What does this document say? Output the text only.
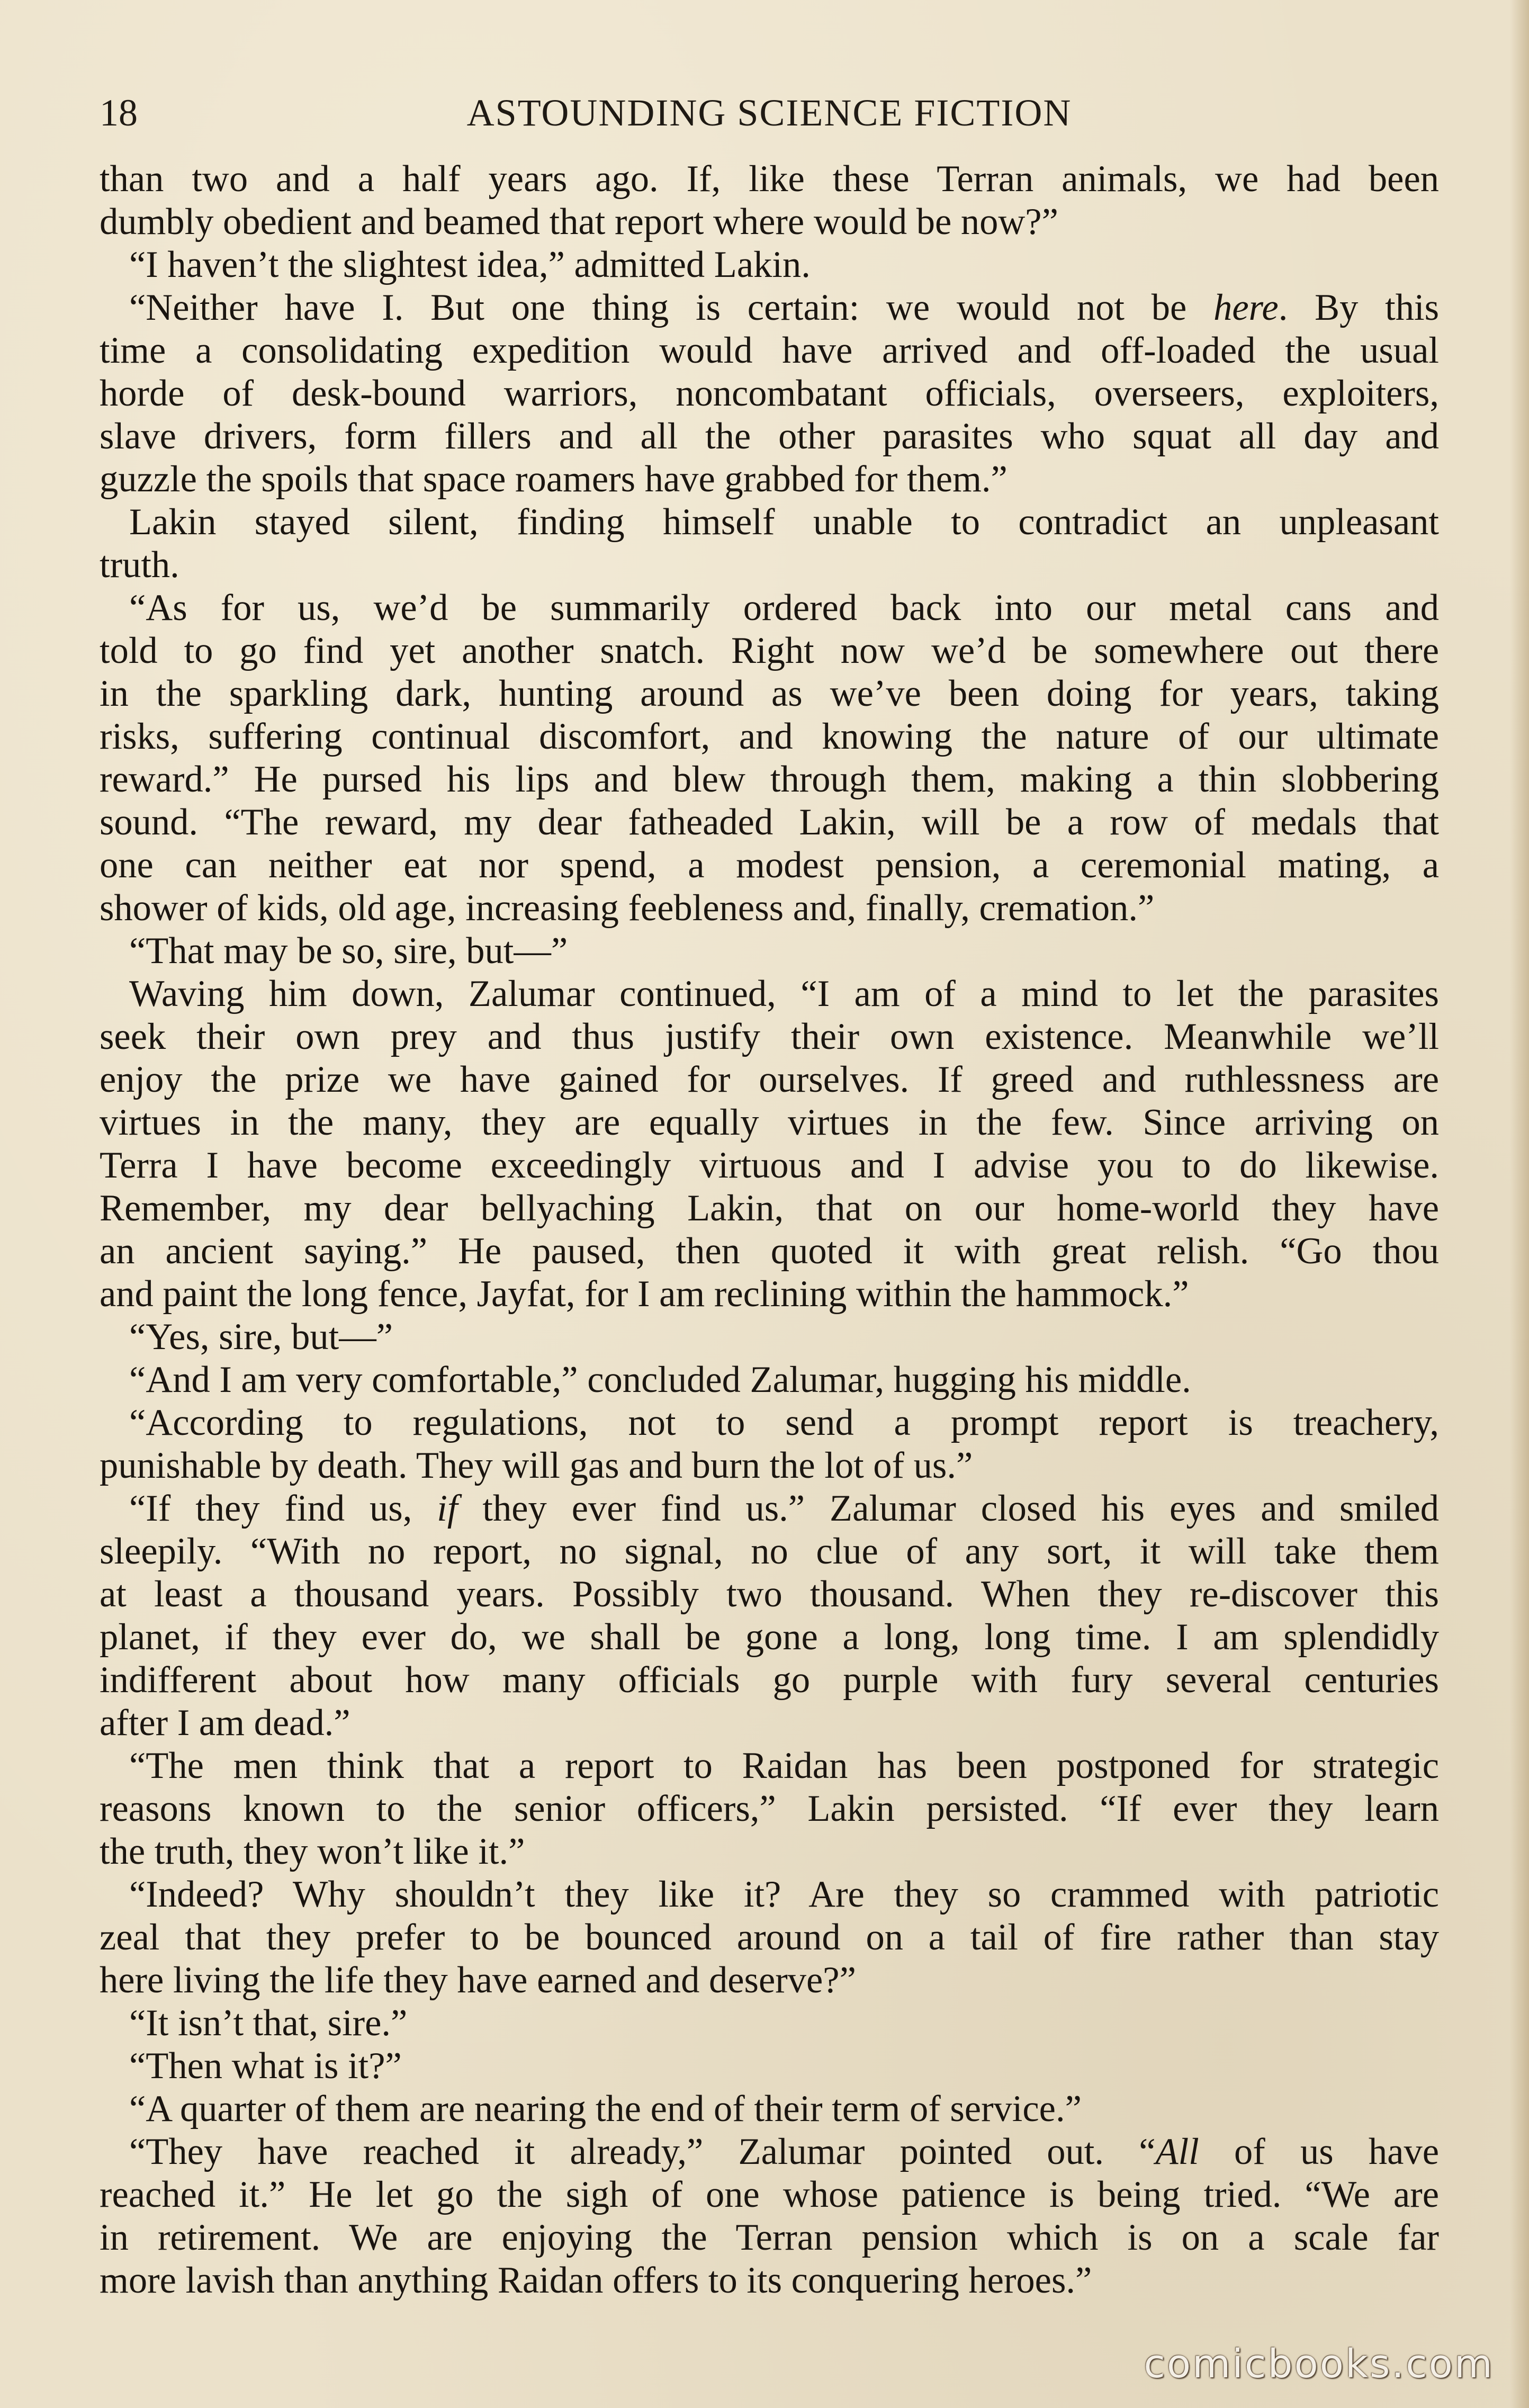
18	ASTOUNDING SCIENCE FICTION
than two and a half years ago. If, like these Terran animals, we had been
dumbly obedient and beamed that report where would be now?”
“I haven’t the slightest idea,” admitted Lakin.
“Neither have I. But one thing is certain: we would not be here. By this
time a consolidating expedition would have arrived and off-loaded the usual
horde of desk-bound warriors, noncombatant officials, overseers, exploiters,
slave drivers, form fillers and all the other parasites who squat all day and
guzzle the spoils that space roamers have grabbed for them.”
Lakin stayed silent, finding himself unable to contradict an unpleasant
truth.
“As for us, we’d be summarily ordered back into our metal cans and
told to go find yet another snatch. Right now we’d be somewhere out there
in the sparkling dark, hunting around as we’ve been doing for years, taking
risks, suffering continual discomfort, and knowing the nature of our ultimate
reward.” He pursed his lips and blew through them, making a thin slobbering
sound. “The reward, my dear fatheaded Lakin, will be a row of medals that
one can neither eat nor spend, a modest pension, a ceremonial mating, a
shower of kids, old age, increasing feebleness and, finally, cremation.”
“That may be so, sire, but—”
Waving him down, Zalumar continued, “I am of a mind to let the parasites
seek their own prey and thus justify their own existence. Meanwhile we’ll
enjoy the prize we have gained for ourselves. If greed and ruthlessness are
virtues in the many, they are equally virtues in the few. Since arriving on
Terra I have become exceedingly virtuous and I advise you to do likewise.
Remember, my dear bellyaching Lakin, that on our home-world they have
an ancient saying.” He paused, then quoted it with great relish. “Go thou
and paint the long fence, Jayfat, for I am reclining within the hammock.”
“Yes, sire, but—”
“And I am very comfortable,” concluded Zalumar, hugging his middle.
“According to regulations, not to send a prompt report is treachery,
punishable by death. They will gas and burn the lot of us.”
“If they find us, if they ever find us.” Zalumar closed his eyes and smiled
sleepily. “With no report, no signal, no clue of any sort, it will take them
at least a thousand years. Possibly two thousand. When they re-discover this
planet, if they ever do, we shall be gone a long, long time. I am splendidly
indifferent about how many officials go purple with fury several centuries
after I am dead.”
“The men think that a report to Raidan has been postponed for strategic
reasons known to the senior officers,” Lakin persisted. “If ever they learn
the truth, they won’t like it.”
“Indeed? Why shouldn’t they like it? Are they so crammed with patriotic
zeal that they prefer to be bounced around on a tail of fire rather than stay
here living the life they have earned and deserve?”
“It isn’t that, sire.”
“Then what is it?”
“A quarter of them are nearing the end of their term of service.”
“They have reached it already,” Zalumar pointed out. “All of us have
reached it.” He let go the sigh of one whose patience is being tried. “We are
in retirement. We are enjoying the Terran pension which is on a scale far
more lavish than anything Raidan offers to its conquering heroes.”
comicbooks.com
